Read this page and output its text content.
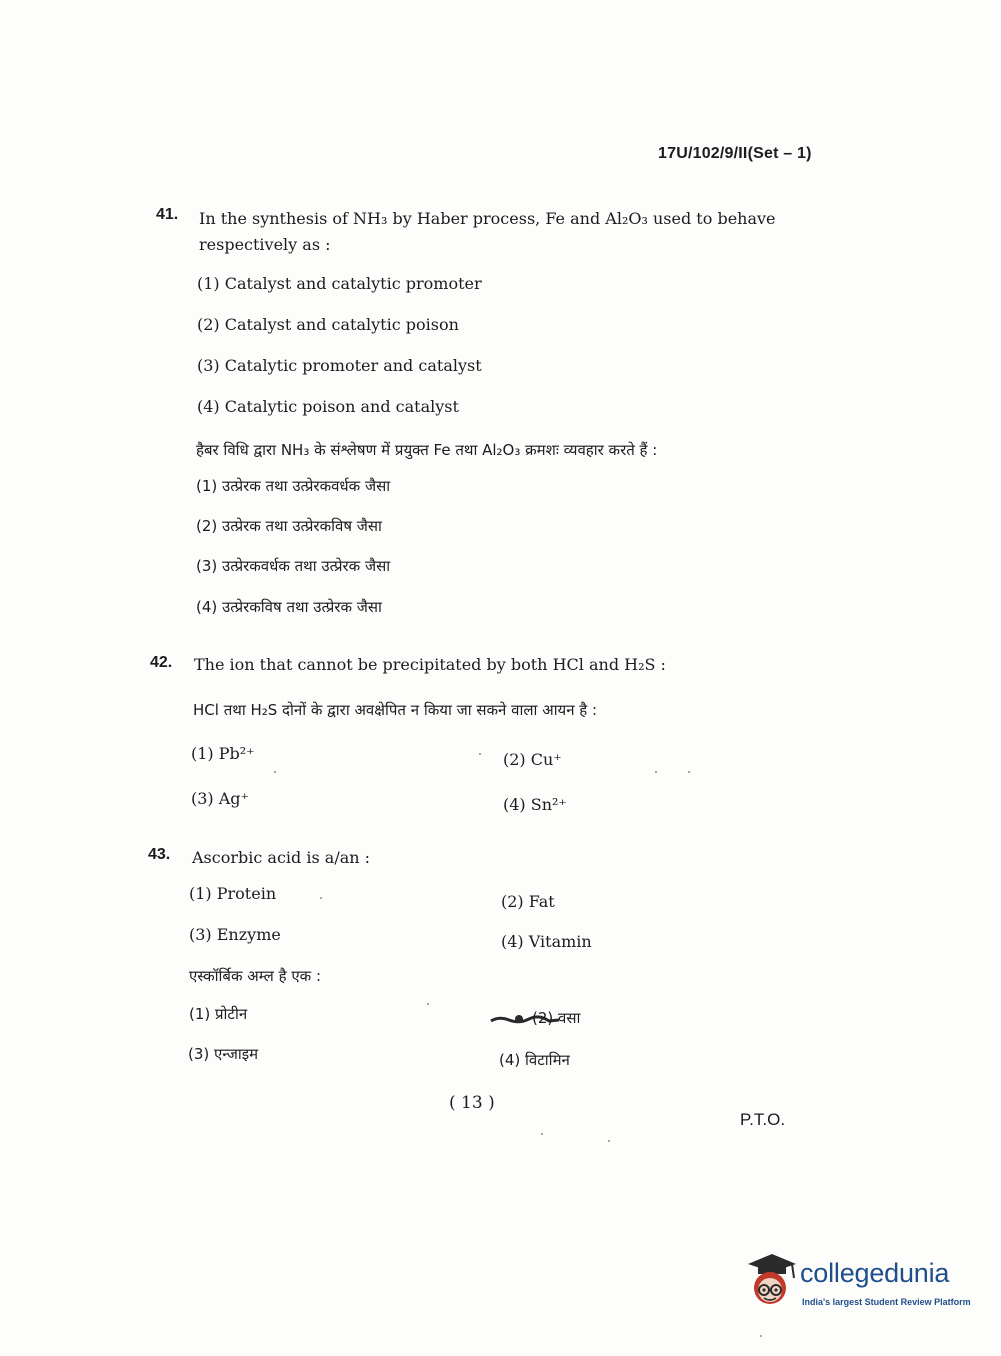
17U/102/9/II(Set – 1)
41. In the synthesis of NH₃ by Haber process, Fe and Al₂O₃ used to behave
respectively as :
(1) Catalyst and catalytic promoter
(2) Catalyst and catalytic poison
(3) Catalytic promoter and catalyst
(4) Catalytic poison and catalyst
हैबर विधि द्वारा NH₃ के संश्लेषण में प्रयुक्त Fe तथा Al₂O₃ क्रमशः व्यवहार करते हैं :
(1) उत्प्रेरक तथा उत्प्रेरकवर्धक जैसा
(2) उत्प्रेरक तथा उत्प्रेरकविष जैसा
(3) उत्प्रेरकवर्धक तथा उत्प्रेरक जैसा
(4) उत्प्रेरकविष तथा उत्प्रेरक जैसा
42. The ion that cannot be precipitated by both HCl and H₂S :
HCl तथा H₂S दोनों के द्वारा अवक्षेपित न किया जा सकने वाला आयन है :
(1) Pb²⁺	(2) Cu⁺
(3) Ag⁺	(4) Sn²⁺
43. Ascorbic acid is a/an :
(1) Protein	(2) Fat
(3) Enzyme	(4) Vitamin
एस्कॉर्बिक अम्ल है एक :
(1) प्रोटीन	(2) वसा
(3) एन्जाइम	(4) विटामिन
( 13 )
P.T.O.
collegedunia
India's largest Student Review Platform
